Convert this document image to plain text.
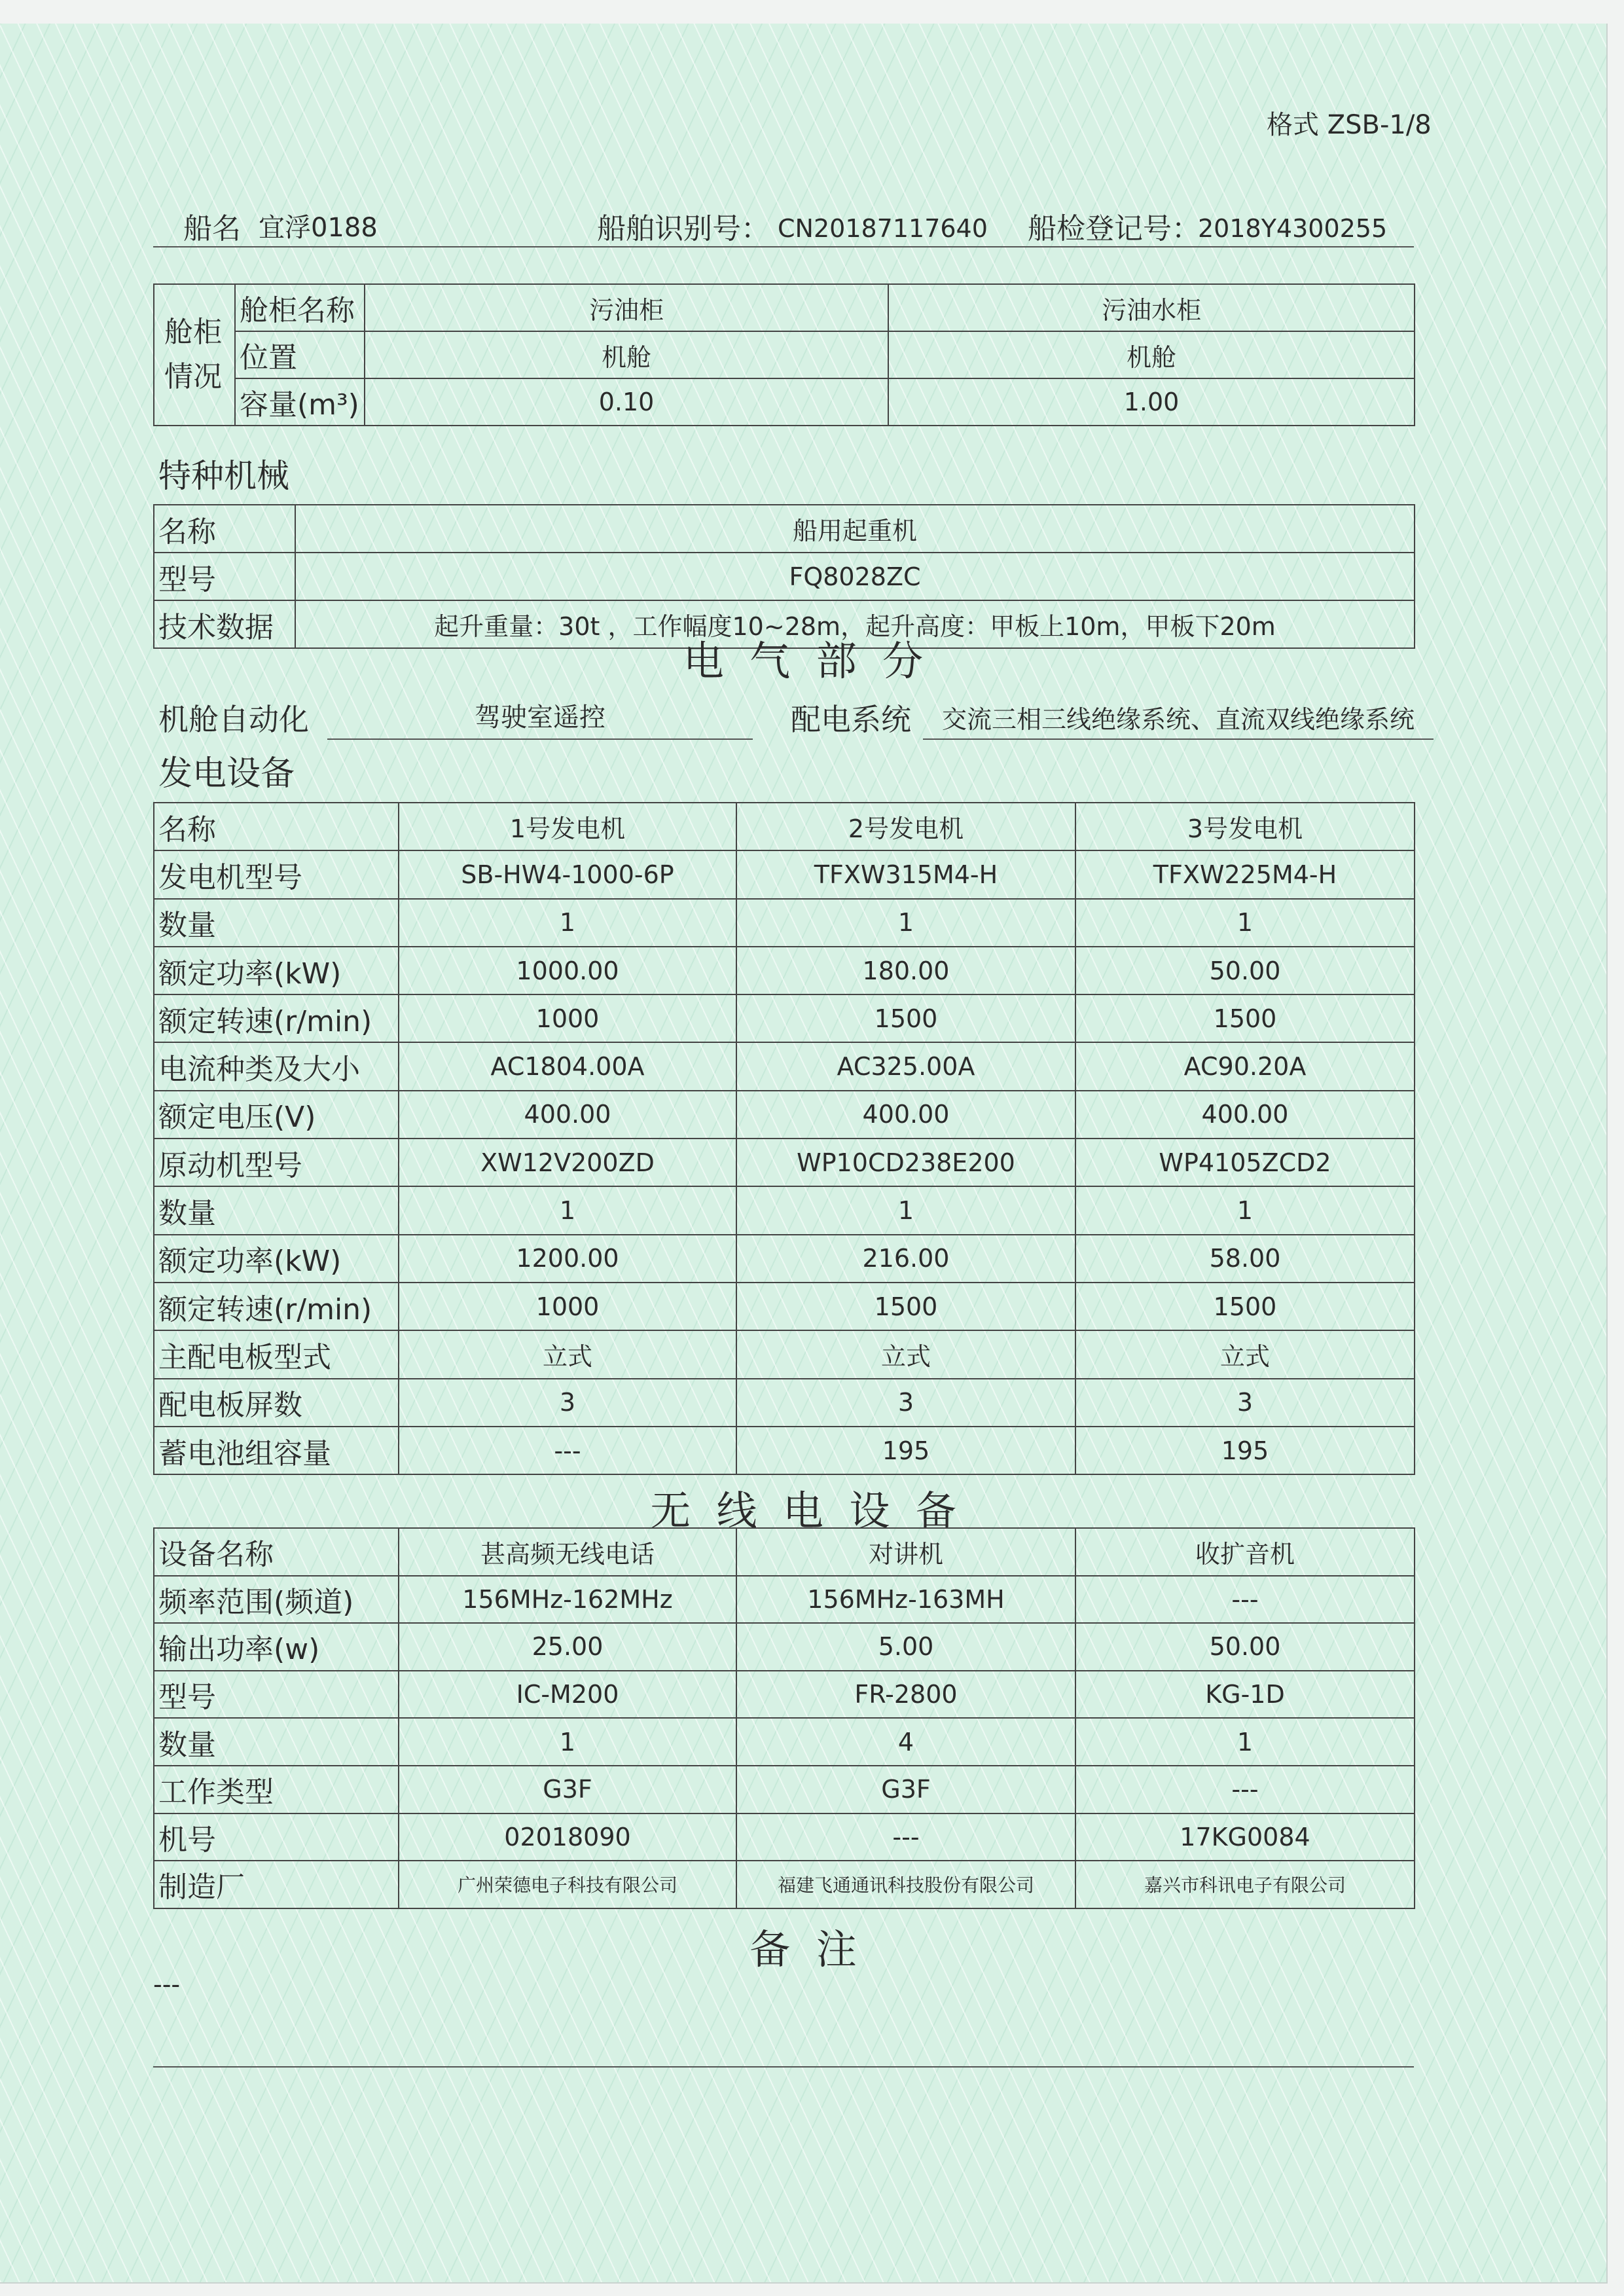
格式 ZSB-1/8
船名 宜浮0188	船舶识别号： CN20187117640 船检登记号：
2018Y4300255
舱柜情况	舱柜名称	污油柜	污油水柜
	位置	机舱	机舱
	容量(m³)	0.10	1.00
特种机械
名称	船用起重机
型号	FQ8028ZC
技术数据	起升重量：30t ，工作幅度10~28m，起升高度：甲板上10m，甲板下20m
电  气  部  分
机舱自动化	驾驶室遥控	配电系统	交流三相三线绝缘系统、直流双线绝缘系统
发电设备
名称	1号发电机	2号发电机	3号发电机
发电机型号	SB-HW4-1000-6P	TFXW315M4-H	TFXW225M4-H
数量	1	1	1
额定功率(kW)	1000.00	180.00	50.00
额定转速(r/min)	1000	1500	1500
电流种类及大小	AC1804.00A	AC325.00A	AC90.20A
额定电压(V)	400.00	400.00	400.00
原动机型号	XW12V200ZD	WP10CD238E200	WP4105ZCD2
数量	1	1	1
额定功率(kW)	1200.00	216.00	58.00
额定转速(r/min)	1000	1500	1500
主配电板型式	立式	立式	立式
配电板屏数	3	3	3
蓄电池组容量	---	195	195
无  线  电  设  备
设备名称	甚高频无线电话	对讲机	收扩音机
频率范围(频道)	156MHz-162MHz	156MHz-163MH	---
输出功率(w)	25.00	5.00	50.00
型号	IC-M200	FR-2800	KG-1D
数量	1	4	1
工作类型	G3F	G3F	---
机号	02018090	---	17KG0084
制造厂	广州荣德电子科技有限公司	福建飞通通讯科技股份有限公司	嘉兴市科讯电子有限公司
备  注
---
